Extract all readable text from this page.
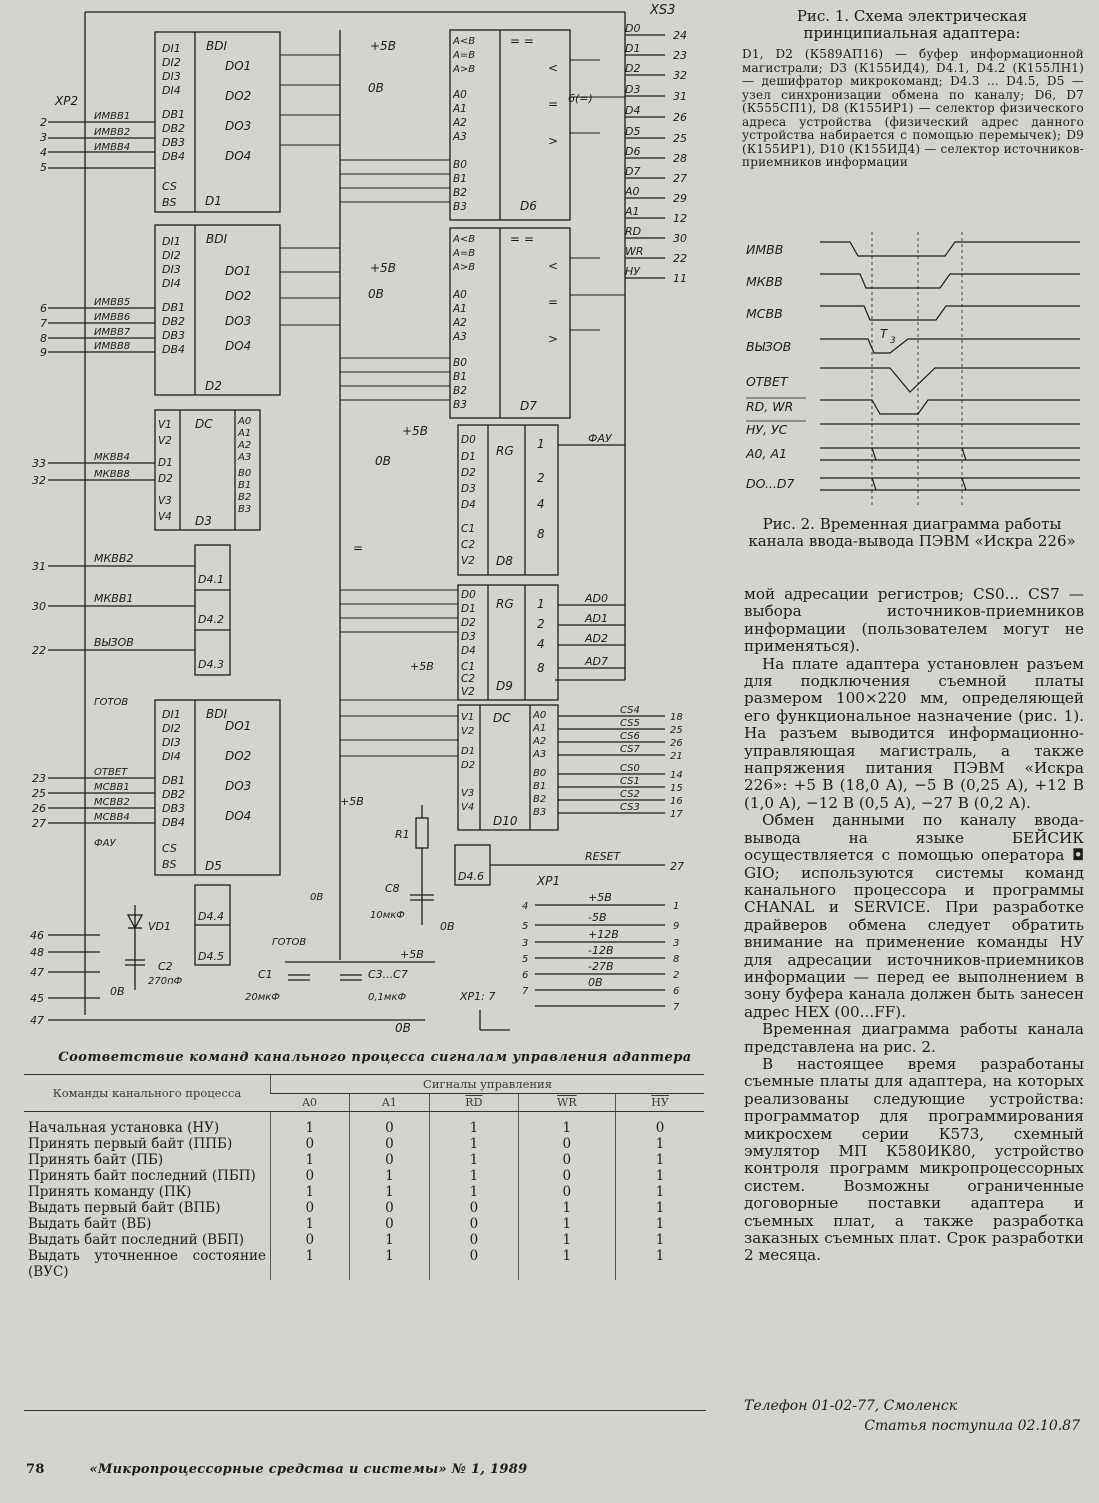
BDI
D1
DO1
DO2
DO3
DO4
DI1
DI2
DI3
DI4
DB1
DB2
DB3
DB4
CS
BS
BDI
D2
DO1
DO2
DO3
DO4
DI1
DI2
DI3
DI4
DB1
DB2
DB3
DB4
DC
D3
V1
V2
D1
D2
V3
V4
A0
A1
A2
A3
B0
B1
B2
B3
D4.1
D4.2
D4.3
BDI
D5
DO1
DO2
DO3
DO4
DI1
DI2
DI3
DI4
DB1
DB2
DB3
DB4
CS
BS
D4.4
D4.5
= =
D6
A<B
A=B
A>B
A0
A1
A2
A3
B0
B1
B2
B3
<
=
>
= =
D7
A<B
A=B
A>B
A0
A1
A2
A3
B0
B1
B2
B3
<
=
>
RG
D8
D0
D1
D2
D3
D4
C1
C2
V2
1
2
4
8
RG
D9
D0
D1
D2
D3
D4
C1
C2
V2
1
2
4
8
DC
D10
V1
V2
D1
D2
V3
V4
A0
A1
A2
A3
B0
B1
B2
B3
D4.6
XS3
D0
D1
D2
D3
D4
D5
D6
D7
A0
A1
RD
WR
НУ
24
23
32
31
26
25
28
27
29
12
30
22
11
XP2
ИМВВ1
ИМВВ2
ИМВВ4
2
3
4
5
ИМВВ5
ИМВВ6
ИМВВ7
ИМВВ8
6
7
8
9
МКВВ4
МКВВ8
33
32
МКВВ2
МКВВ1
ВЫЗОВ
31
30
22
ГОТОВ
ОТВЕТ
МСВВ1
МСВВ2
МСВВ4
ФАУ
23
25
26
27
46
48
47
45
47
CS4
CS5
CS6
CS7
CS0
CS1
CS2
CS3
18
25
26
21
14
15
16
17
AD0
AD1
AD2
AD7
ФАУ
+5В
0В
+5В
0В
+5В
0В
+5В
+5В
=
6(=)
RESET
27
R1
C8
10мкФ
0В
VD1
C2
270пФ
0В
ГОТОВ
0В
+5В
C1
20мкФ
C3...C7
0,1мкФ
0В
XP1
XP1: 7
+5В
-5В
+12В
-12В
-27В
0В
4
5
3
5
6
7
1
9
3
8
2
6
7
Рис. 1. Схема электрическая принципиальная адаптера:
D1, D2 (К589АП16) — буфер информационной магистрали; D3 (К155ИД4), D4.1, D4.2 (К155ЛН1) — дешифратор микрокоманд; D4.3 ... D4.5, D5 — узел синхронизации обмена по каналу; D6, D7 (К555СП1), D8 (К155ИР1) — селектор физического адреса устройства (физический адрес данного устройства набирается с помощью перемычек); D9 (К155ИР1), D10 (К155ИД4) — селектор источников-приемников информации
ИМВВ
МКВВ
МСВВ
ВЫЗОВ
ОТВЕТ
RD, WR
НУ, УС
A0, A1
DO...D7
T 3
Рис. 2. Временная диаграмма работы канала ввода-вывода ПЭВМ «Искра 226»

мой адресации регистров; CS0... CS7 — выбора источников-приемников информации (пользователем могут не применяться).

На плате адаптера установлен разъем для подключения съемной платы размером 100×220 мм, определяющей его функциональное назначение (рис. 1). На разъем выводится информационно-управляющая магистраль, а также напряжения питания ПЭВМ «Искра 226»: +5 В (18,0 А), −5 В (0,25 А), +12 В (1,0 А), −12 В (0,5 А), −27 В (0,2 А).

Обмен данными по каналу ввода-вывода на языке БЕЙСИК осуществляется с помощью оператора ◘ GIO; используются системы команд канального процессора и программы CHANAL и SERVICE. При разработке драйверов обмена следует обратить внимание на применение команды НУ для адресации источников-приемников информации — перед ее выполнением в зону буфера канала должен быть занесен адрес HEX (00...FF).

Временная диаграмма работы канала представлена на рис. 2.

В настоящее время разработаны съемные платы для адаптера, на которых реализованы следующие устройства: программатор для программирования микросхем серии К573, схемный эмулятор МП К580ИК80, устройство контроля программ микропроцессорных систем. Возможны ограниченные договорные поставки адаптера и съемных плат, а также разработка заказных съемных плат. Срок разработки 2 месяца.

Телефон 01-02-77, Смоленск
Статья поступила 02.10.87
Соответствие команд канального процесса сигналам управления адаптера
Команды канального процесса	Сигналы управления				
	A0	A1	$\overline{RD}$	$\overline{WR}$	НУ
Начальная установка (НУ)	1	0	1	1	0
Принять первый байт (ППБ)	0	0	1	0	1
Принять байт (ПБ)	1	0	1	0	1
Принять байт последний (ПБП)	0	1	1	0	1
Принять команду (ПК)	1	1	1	0	1
Выдать первый байт (ВПБ)	0	0	0	1	1
Выдать байт (ВБ)	1	0	0	1	1
Выдать байт последний (ВБП)	0	1	0	1	1
Выдать уточненное состояние (ВУС)	1	1	0	1	1
78	«Микропроцессорные средства и системы» № 1, 1989
